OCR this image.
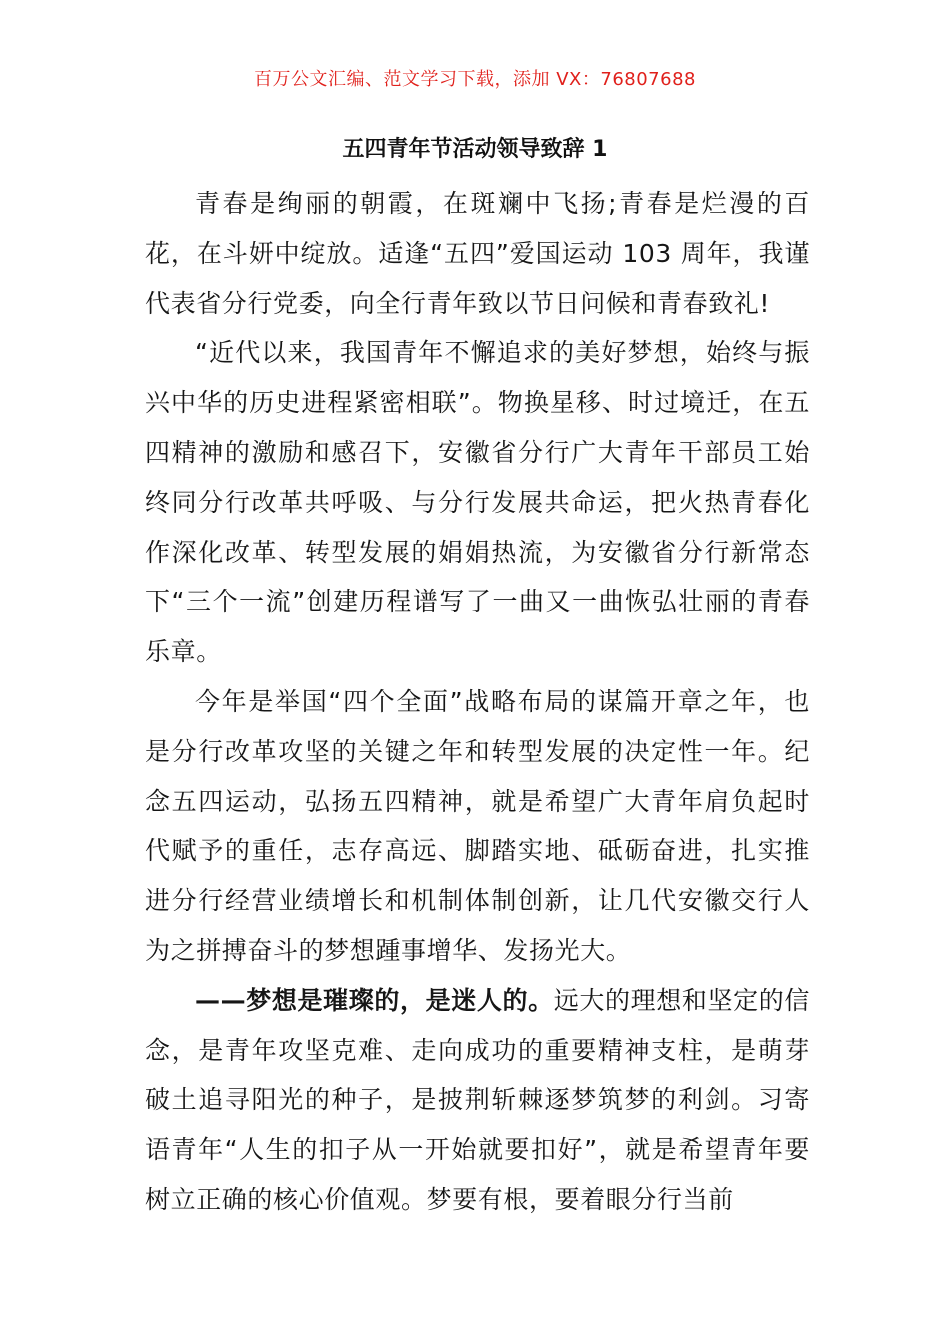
百万公文汇编、范文学习下载，添加 VX：76807688
五四青年节活动领导致辞 1

青春是绚丽的朝霞，在斑斓中飞扬;青春是烂漫的百花，在斗妍中绽放。适逢“五四”爱国运动 103 周年，我谨代表省分行党委，向全行青年致以节日问候和青春致礼!

“近代以来，我国青年不懈追求的美好梦想，始终与振兴中华的历史进程紧密相联”。物换星移、时过境迁，在五四精神的激励和感召下，安徽省分行广大青年干部员工始终同分行改革共呼吸、与分行发展共命运，把火热青春化作深化改革、转型发展的娟娟热流，为安徽省分行新常态下“三个一流”创建历程谱写了一曲又一曲恢弘壮丽的青春乐章。

今年是举国“四个全面”战略布局的谋篇开章之年，也是分行改革攻坚的关键之年和转型发展的决定性一年。纪念五四运动，弘扬五四精神，就是希望广大青年肩负起时代赋予的重任，志存高远、脚踏实地、砥砺奋进，扎实推进分行经营业绩增长和机制体制创新，让几代安徽交行人为之拼搏奋斗的梦想踵事增华、发扬光大。

——梦想是璀璨的，是迷人的。远大的理想和坚定的信念，是青年攻坚克难、走向成功的重要精神支柱，是萌芽破土追寻阳光的种子，是披荆斩棘逐梦筑梦的利剑。习寄语青年“人生的扣子从一开始就要扣好”，就是希望青年要树立正确的核心价值观。梦要有根，要着眼分行当前
